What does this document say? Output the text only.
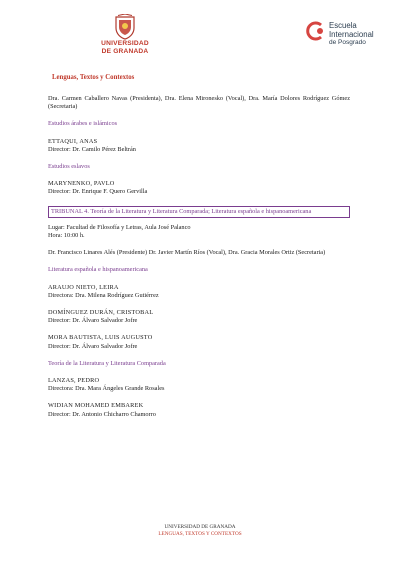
UNIVERSIDAD
DE GRANADA
Escuela
Internacional
de Posgrado
Lenguas, Textos y Contextos

Dra. Carmen Caballero Navas (Presidenta), Dra. Elena Mironesko (Vocal), Dra. María Dolores Rodríguez Gómez (Secretaria)

Estudios árabes e islámicos

ETTAQUI, ANAS

Director: Dr. Camilo Pérez Beltrán

Estudios eslavos

MARYNENKO, PAVLO

Director: Dr. Enrique F. Quero Gervilla

TRIBUNAL 4. Teoría de la Literatura y Literatura Comparada; Literatura española e hispanoamericana

Lugar: Facultad de Filosofía y Letras, Aula José Palanco

Hora: 10:00 h.

Dr. Francisco Linares Alés (Presidente) Dr. Javier Martín Ríos (Vocal), Dra. Gracia Morales Ortiz (Secretaria)

Literatura española e hispanoamericana

ARAUJO NIETO, LEIRA

Directora: Dra. Milena Rodríguez Gutiérrez

DOMÍNGUEZ DURÁN, CRISTOBAL

Director: Dr. Álvaro Salvador Jofre

MORA BAUTISTA, LUIS AUGUSTO

Director: Dr. Álvaro Salvador Jofre

Teoría de la Literatura y Literatura Comparada

LANZAS, PEDRO

Directora: Dra. Mara Ángeles Grande Rosales

WIDIAN MOHAMED EMBAREK

Director: Dr. Antonio Chicharro Chamorro

UNIVERSIDAD DE GRANADA
LENGUAS, TEXTOS Y CONTEXTOS
